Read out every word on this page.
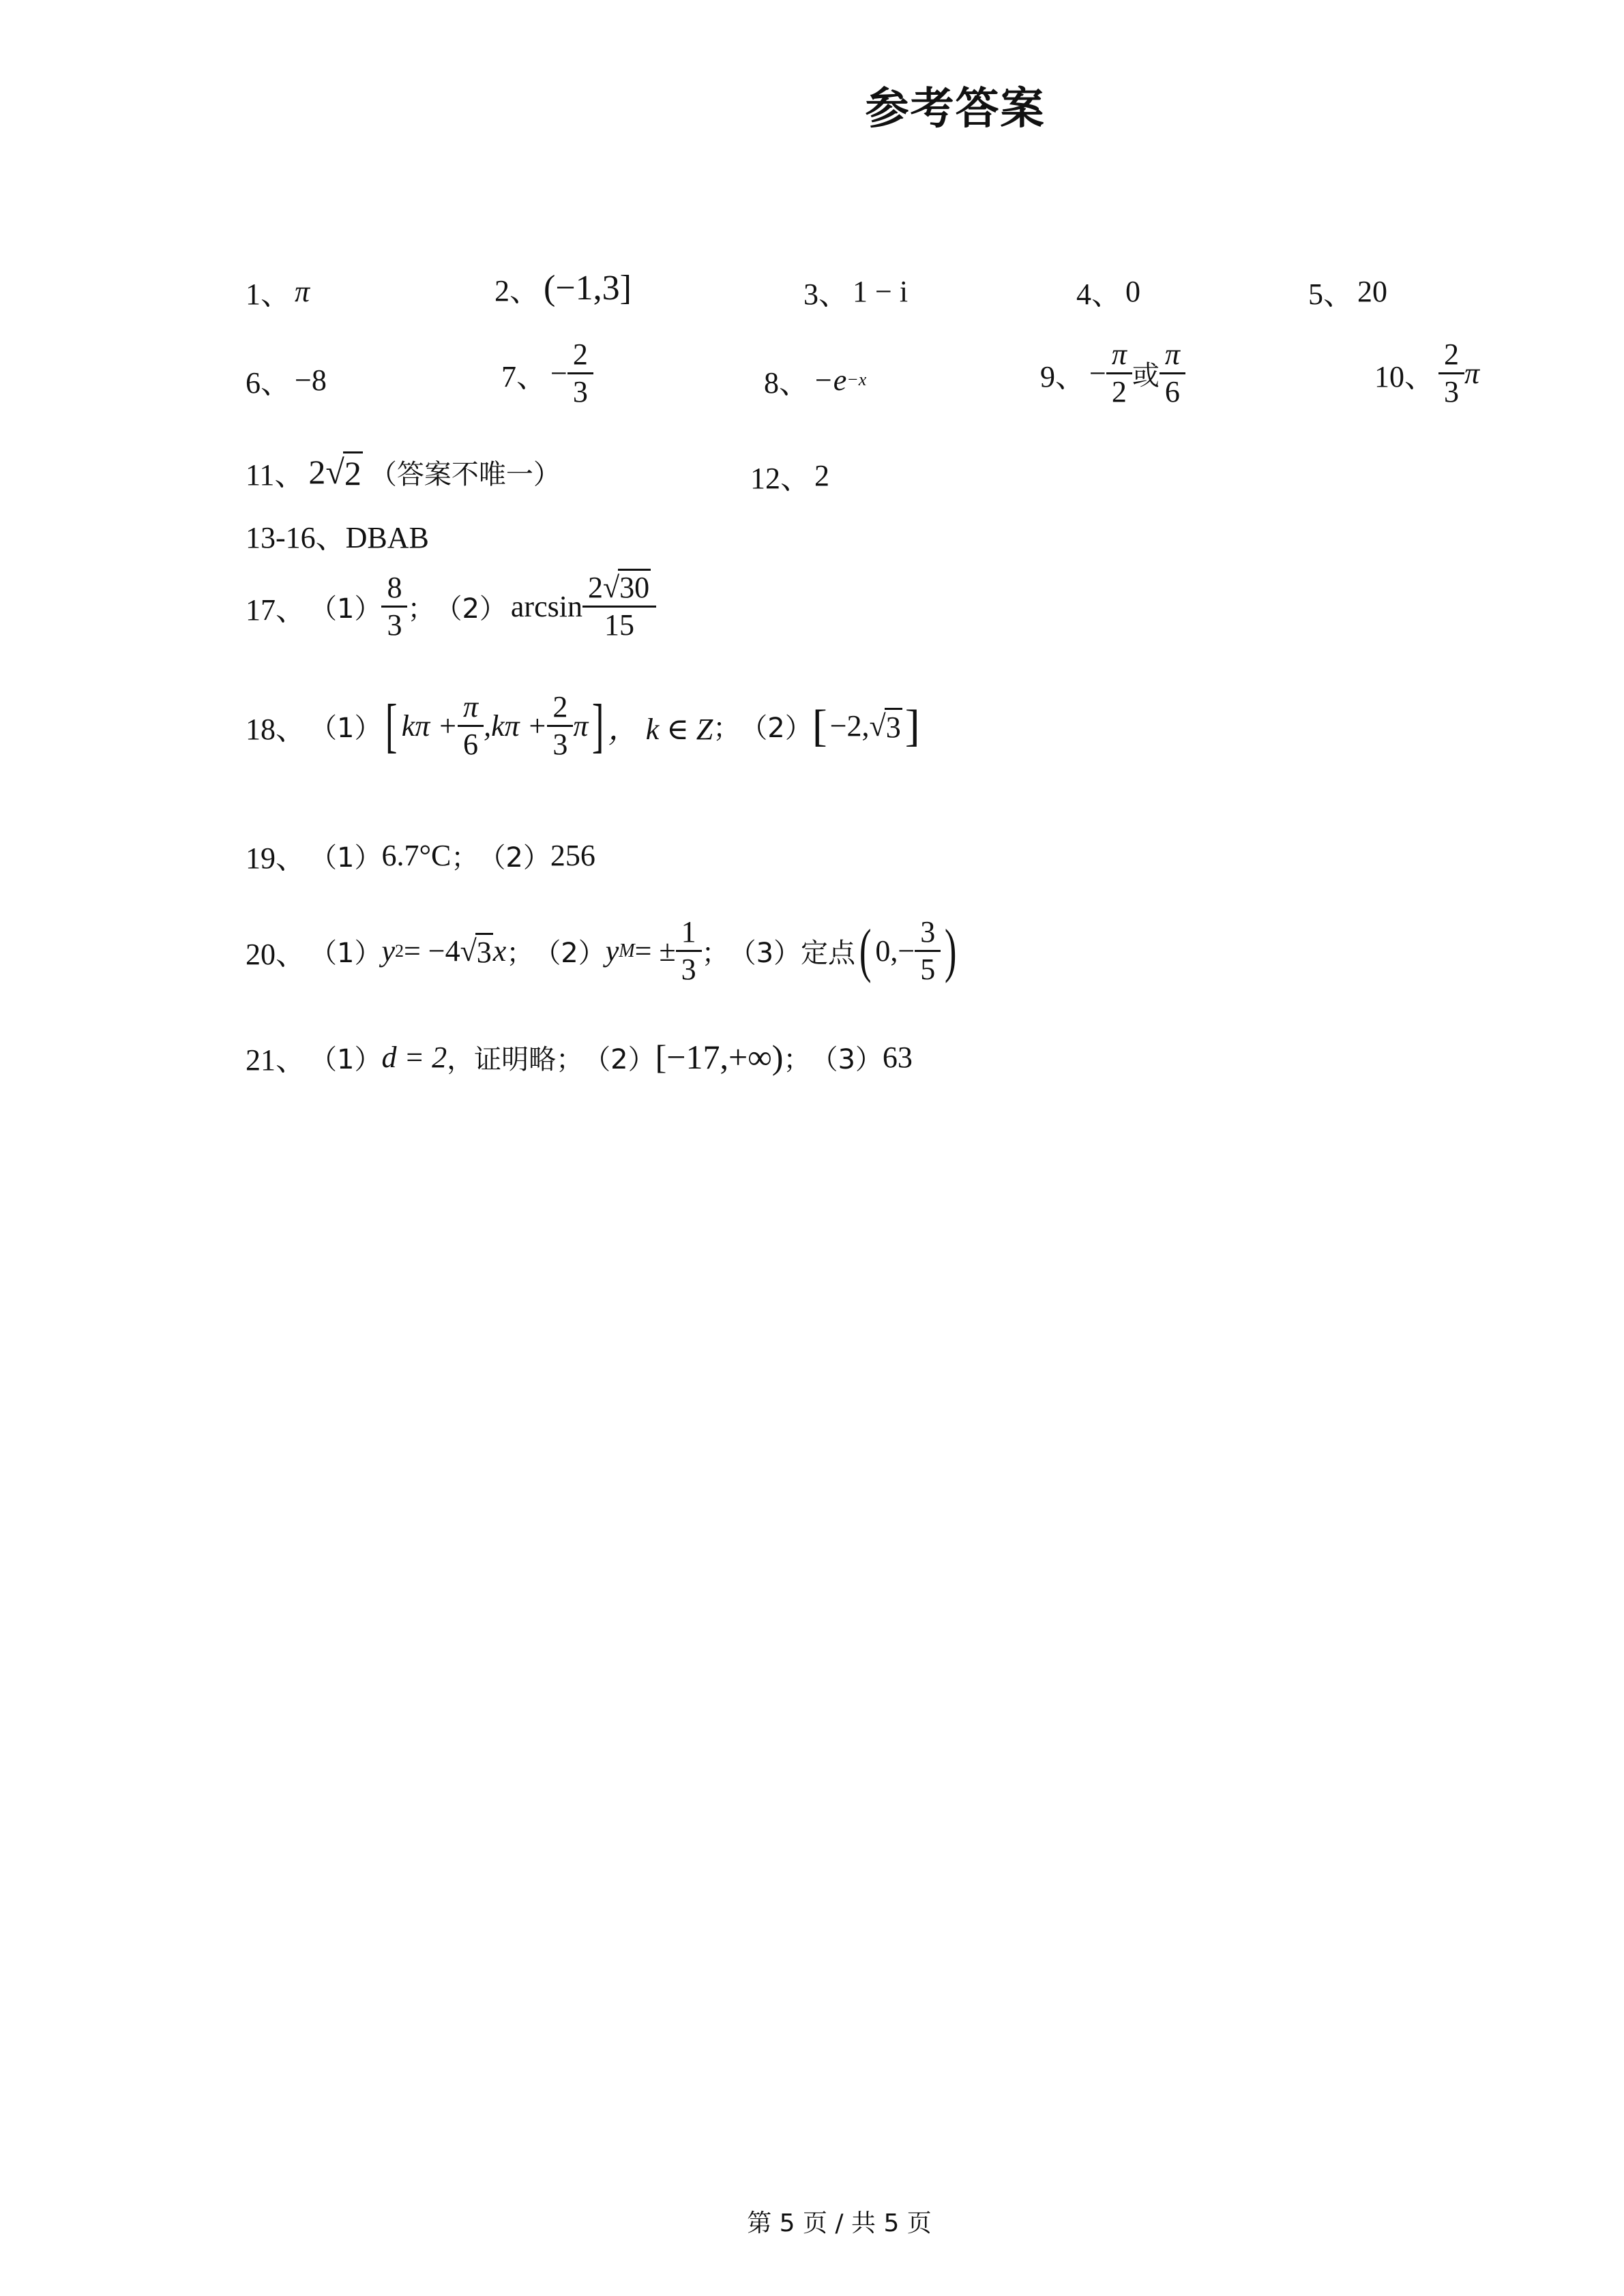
参考答案
1、 π	2、 (−1,3]	3、 1 − i	4、 0	5、 20
6、 −8	7、 − $\frac{2}{3}$	8、 −e −x	9、 − $\frac{\pi}{2}$ 或 $\frac{\pi}{6}$	10、 $\frac{2}{3}$ π
11、 2 √ 2 （答案不唯一）	12、 2
13-16、DBAB
17、 $(1) \frac{8}{3}$ ； （2） $\arcsin \frac{2√30}{15}$
18、 （1） [ $k\pi + \frac{\pi}{6} ,k\pi + \frac{2}{3}$ π ] ， k ∈ Z ； （2） [ −2, √ 3 ]
19、 （1） 6.7°C ； （2） 256
20、 （1） y 2 = −4 √ 3 x ； （2） y M = ± $\frac{1}{3}$ ； （3） 定点 ( $0,- \frac{3}{5}$ )
21、 （1） d = 2 ，证明略； （2） [−17,+∞) ； （3） 63
第 5 页 / 共 5 页
